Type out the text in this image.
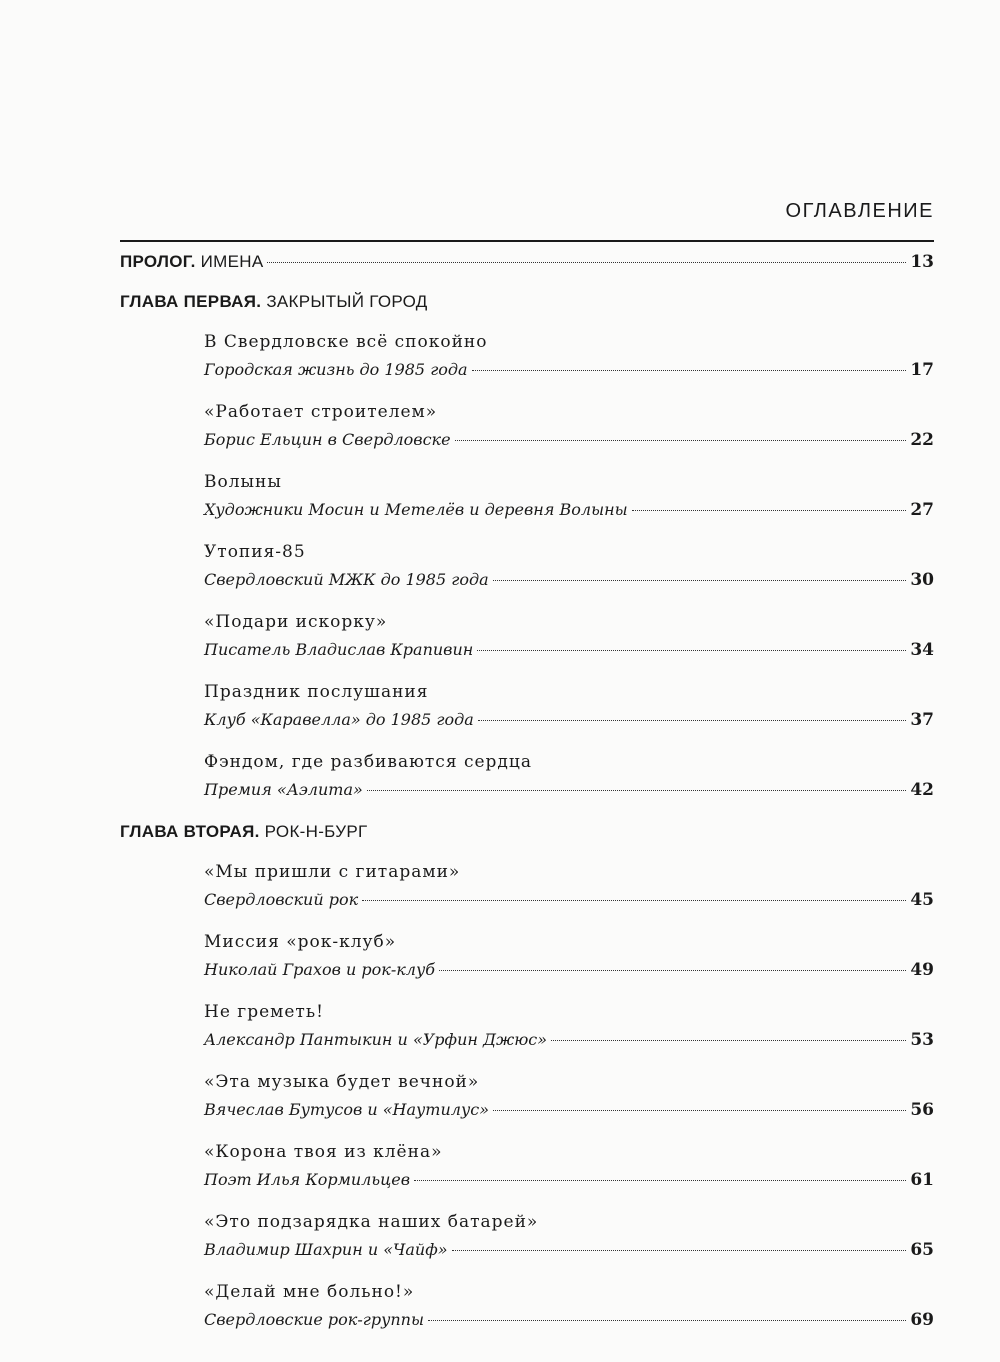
ОГЛАВЛЕНИЕ
ПРОЛОГ. ИМЕНА	13
ГЛАВА ПЕРВАЯ. ЗАКРЫТЫЙ ГОРОД
В Свердловске всё спокойно
Городская жизнь до 1985 года	17
«Работает строителем»
Борис Ельцин в Свердловске	22
Волыны
Художники Мосин и Метелёв и деревня Волыны	27
Утопия-85
Свердловский МЖК до 1985 года	30
«Подари искорку»
Писатель Владислав Крапивин	34
Праздник послушания
Клуб «Каравелла» до 1985 года	37
Фэндом, где разбиваются сердца
Премия «Аэлита»	42
ГЛАВА ВТОРАЯ. РОК-Н-БУРГ
«Мы пришли с гитарами»
Свердловский рок	45
Миссия «рок-клуб»
Николай Грахов и рок-клуб	49
Не греметь!
Александр Пантыкин и «Урфин Джюс»	53
«Эта музыка будет вечной»
Вячеслав Бутусов и «Наутилус»	56
«Корона твоя из клёна»
Поэт Илья Кормильцев	61
«Это подзарядка наших батарей»
Владимир Шахрин и «Чайф»	65
«Делай мне больно!»
Свердловские рок-группы	69
